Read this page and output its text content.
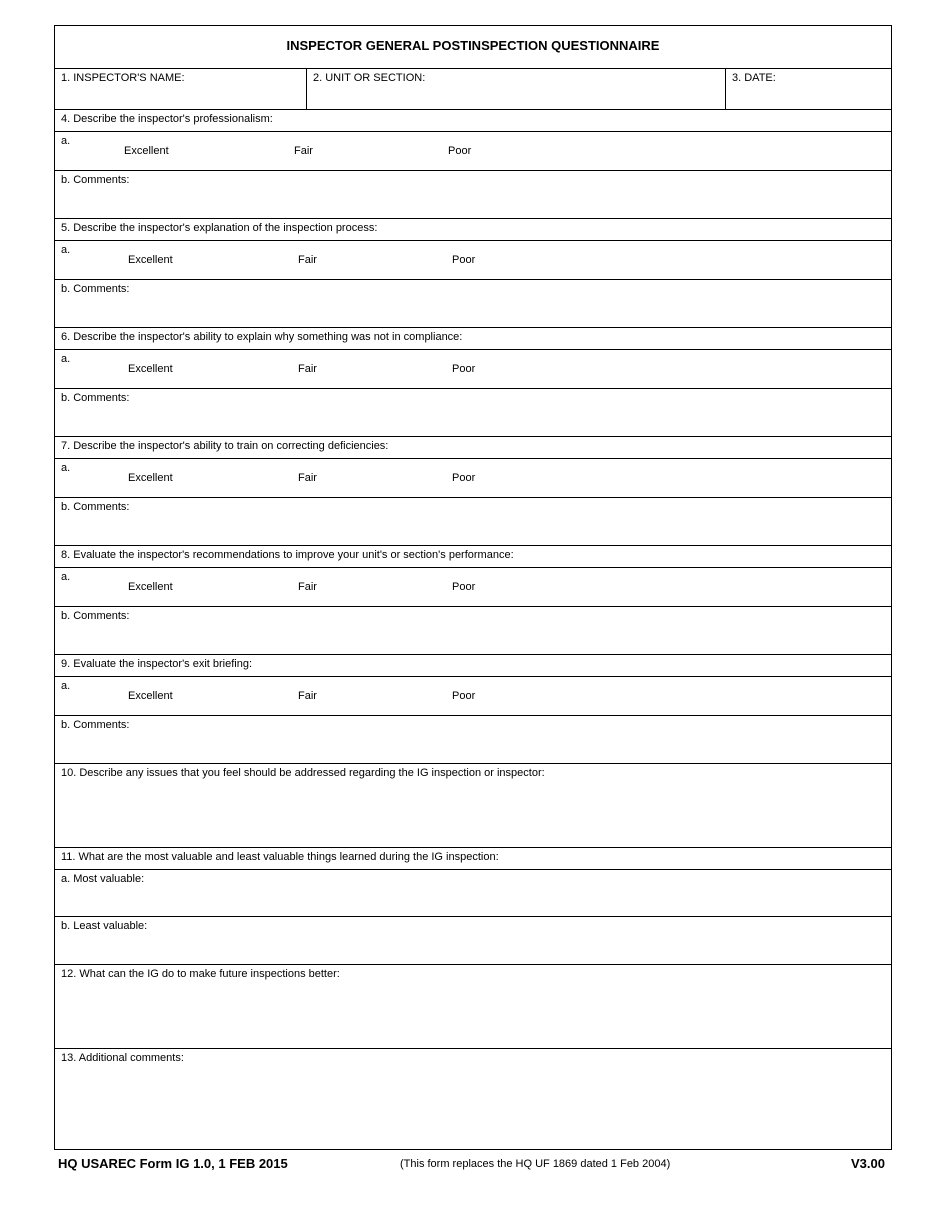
INSPECTOR GENERAL POSTINSPECTION QUESTIONNAIRE
1. INSPECTOR'S NAME:	2. UNIT OR SECTION:	3. DATE:
4. Describe the inspector's professionalism:
a.
Excellent	Fair	Poor
b. Comments:
5. Describe the inspector's explanation of the inspection process:
a.
Excellent	Fair	Poor
b. Comments:
6. Describe the inspector's ability to explain why something was not in compliance:
a.
Excellent	Fair	Poor
b. Comments:
7. Describe the inspector's ability to train on correcting deficiencies:
a.
Excellent	Fair	Poor
b. Comments:
8. Evaluate the inspector's recommendations to improve your unit's or section's performance:
a.
Excellent	Fair	Poor
b. Comments:
9. Evaluate the inspector's exit briefing:
a.
Excellent	Fair	Poor
b. Comments:
10. Describe any issues that you feel should be addressed regarding the IG inspection or inspector:
11. What are the most valuable and least valuable things learned during the IG inspection:
a. Most valuable:
b. Least valuable:
12. What can the IG do to make future inspections better:
13. Additional comments:
HQ USAREC Form IG 1.0, 1 FEB 2015	(This form replaces the HQ UF 1869 dated 1 Feb 2004)	V3.00
